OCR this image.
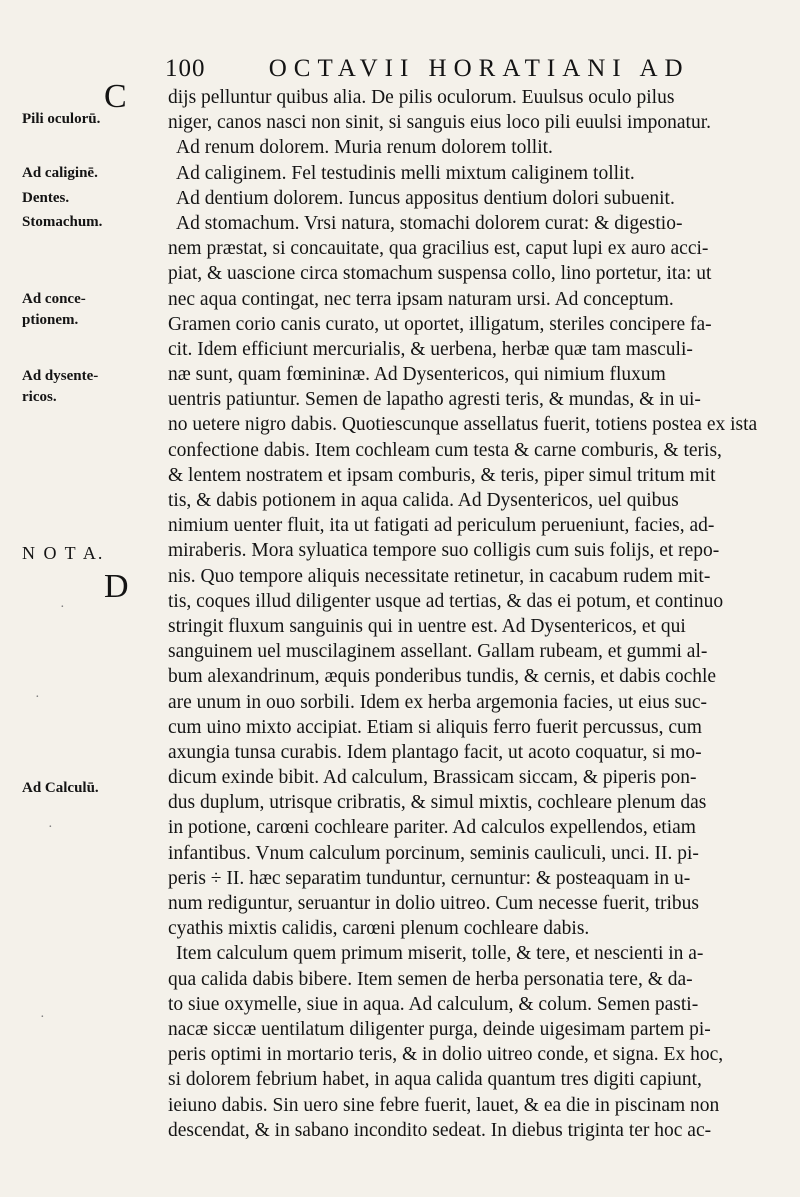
100	OCTAVII HORATIANI AD
C
D
Pili oculorū.
Ad caliginē.
Dentes.
Stomachum.
Ad conce-
ptionem.
Ad dysente-
ricos.
N O T A.
Ad Calculū.
·
·
·
·
dijs pelluntur quibus alia. De pilis oculorum. Euulsus oculo pilus
niger, canos nasci non sinit, si sanguis eius loco pili euulsi imponatur.
Ad renum dolorem. Muria renum dolorem tollit.
Ad caliginem. Fel testudinis melli mixtum caliginem tollit.
Ad dentium dolorem. Iuncus appositus dentium dolori subuenit.
Ad stomachum. Vrsi natura, stomachi dolorem curat: & digestio-
nem præstat, si concauitate, qua gracilius est, caput lupi ex auro acci-
piat, & uascione circa stomachum suspensa collo, lino portetur, ita: ut
nec aqua contingat, nec terra ipsam naturam ursi. Ad conceptum.
Gramen corio canis curato, ut oportet, illigatum, steriles concipere fa-
cit. Idem efficiunt mercurialis, & uerbena, herbæ quæ tam masculi-
næ sunt, quam fœmininæ. Ad Dysentericos, qui nimium fluxum
uentris patiuntur. Semen de lapatho agresti teris, & mundas, & in ui-
no uetere nigro dabis. Quotiescunque assellatus fuerit, totiens postea ex ista
confectione dabis. Item cochleam cum testa & carne comburis, & teris,
& lentem nostratem et ipsam comburis, & teris, piper simul tritum mit
tis, & dabis potionem in aqua calida. Ad Dysentericos, uel quibus
nimium uenter fluit, ita ut fatigati ad periculum perueniunt, facies, ad-
miraberis. Mora syluatica tempore suo colligis cum suis folijs, et repo-
nis. Quo tempore aliquis necessitate retinetur, in cacabum rudem mit-
tis, coques illud diligenter usque ad tertias, & das ei potum, et continuo
stringit fluxum sanguinis qui in uentre est. Ad Dysentericos, et qui
sanguinem uel muscilaginem assellant. Gallam rubeam, et gummi al-
bum alexandrinum, æquis ponderibus tundis, & cernis, et dabis cochle
are unum in ouo sorbili. Idem ex herba argemonia facies, ut eius suc-
cum uino mixto accipiat. Etiam si aliquis ferro fuerit percussus, cum
axungia tunsa curabis. Idem plantago facit, ut acoto coquatur, si mo-
dicum exinde bibit. Ad calculum, Brassicam siccam, & piperis pon-
dus duplum, utrisque cribratis, & simul mixtis, cochleare plenum das
in potione, carœni cochleare pariter. Ad calculos expellendos, etiam
infantibus. Vnum calculum porcinum, seminis cauliculi, unci. II. pi-
peris ÷ II. hæc separatim tunduntur, cernuntur: & posteaquam in u-
num rediguntur, seruantur in dolio uitreo. Cum necesse fuerit, tribus
cyathis mixtis calidis, carœni plenum cochleare dabis.
Item calculum quem primum miserit, tolle, & tere, et nescienti in a-
qua calida dabis bibere. Item semen de herba personatia tere, & da-
to siue oxymelle, siue in aqua. Ad calculum, & colum. Semen pasti-
nacæ siccæ uentilatum diligenter purga, deinde uigesimam partem pi-
peris optimi in mortario teris, & in dolio uitreo conde, et signa. Ex hoc,
si dolorem febrium habet, in aqua calida quantum tres digiti capiunt,
ieiuno dabis. Sin uero sine febre fuerit, lauet, & ea die in piscinam non
descendat, & in sabano incondito sedeat. In diebus triginta ter hoc ac-
